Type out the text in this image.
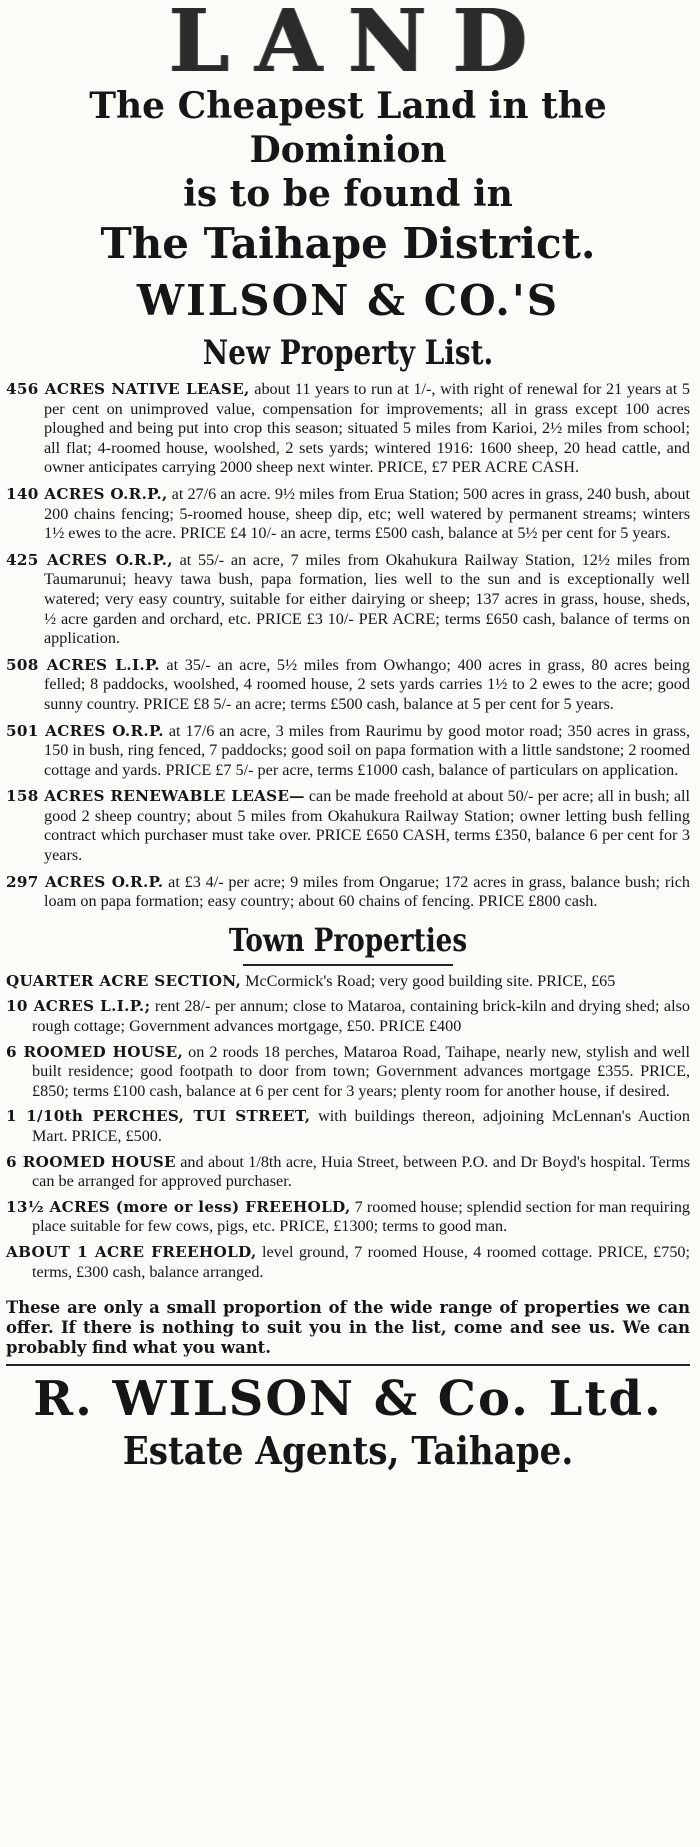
LAND

The Cheapest Land in the Dominion

is to be found in

The Taihape District.

WILSON & CO.'S

New Property List.

456 ACRES NATIVE LEASE, about 11 years to run at 1/-, with right of renewal for 21 years at 5 per cent on unimproved value, compensation for improvements; all in grass except 100 acres ploughed and being put into crop this season; situated 5 miles from Karioi, 2½ miles from school; all flat; 4-roomed house, woolshed, 2 sets yards; wintered 1916: 1600 sheep, 20 head cattle, and owner anticipates carrying 2000 sheep next winter. PRICE, £7 PER ACRE CASH.

140 ACRES O.R.P., at 27/6 an acre. 9½ miles from Erua Station; 500 acres in grass, 240 bush, about 200 chains fencing; 5-roomed house, sheep dip, etc; well watered by permanent streams; winters 1½ ewes to the acre. PRICE £4 10/- an acre, terms £500 cash, balance at 5½ per cent for 5 years.

425 ACRES O.R.P., at 55/- an acre, 7 miles from Okahukura Railway Station, 12½ miles from Taumarunui; heavy tawa bush, papa formation, lies well to the sun and is exceptionally well watered; very easy country, suitable for either dairying or sheep; 137 acres in grass, house, sheds, ½ acre garden and orchard, etc. PRICE £3 10/- PER ACRE; terms £650 cash, balance of terms on application.

508 ACRES L.I.P. at 35/- an acre, 5½ miles from Owhango; 400 acres in grass, 80 acres being felled; 8 paddocks, woolshed, 4 roomed house, 2 sets yards carries 1½ to 2 ewes to the acre; good sunny country. PRICE £8 5/- an acre; terms £500 cash, balance at 5 per cent for 5 years.

501 ACRES O.R.P. at 17/6 an acre, 3 miles from Raurimu by good motor road; 350 acres in grass, 150 in bush, ring fenced, 7 paddocks; good soil on papa formation with a little sandstone; 2 roomed cottage and yards. PRICE £7 5/- per acre, terms £1000 cash, balance of particulars on application.

158 ACRES RENEWABLE LEASE— can be made freehold at about 50/- per acre; all in bush; all good 2 sheep country; about 5 miles from Okahukura Railway Station; owner letting bush felling contract which purchaser must take over. PRICE £650 CASH, terms £350, balance 6 per cent for 3 years.

297 ACRES O.R.P. at £3 4/- per acre; 9 miles from Ongarue; 172 acres in grass, balance bush; rich loam on papa formation; easy country; about 60 chains of fencing. PRICE £800 cash.

Town Properties

QUARTER ACRE SECTION, McCormick's Road; very good building site. PRICE, £65

10 ACRES L.I.P.; rent 28/- per annum; close to Mataroa, containing brick-kiln and drying shed; also rough cottage; Government advances mortgage, £50. PRICE £400

6 ROOMED HOUSE, on 2 roods 18 perches, Mataroa Road, Taihape, nearly new, stylish and well built residence; good footpath to door from town; Government advances mortgage £355. PRICE, £850; terms £100 cash, balance at 6 per cent for 3 years; plenty room for another house, if desired.

1 1/10th PERCHES, TUI STREET, with buildings thereon, adjoining McLennan's Auction Mart. PRICE, £500.

6 ROOMED HOUSE and about 1/8th acre, Huia Street, between P.O. and Dr Boyd's hospital. Terms can be arranged for approved purchaser.

13½ ACRES (more or less) FREEHOLD, 7 roomed house; splendid section for man requiring place suitable for few cows, pigs, etc. PRICE, £1300; terms to good man.

ABOUT 1 ACRE FREEHOLD, level ground, 7 roomed House, 4 roomed cottage. PRICE, £750; terms, £300 cash, balance arranged.

These are only a small proportion of the wide range of properties we can offer. If there is nothing to suit you in the list, come and see us. We can probably find what you want.

R. WILSON & Co. Ltd.

Estate Agents, Taihape.
